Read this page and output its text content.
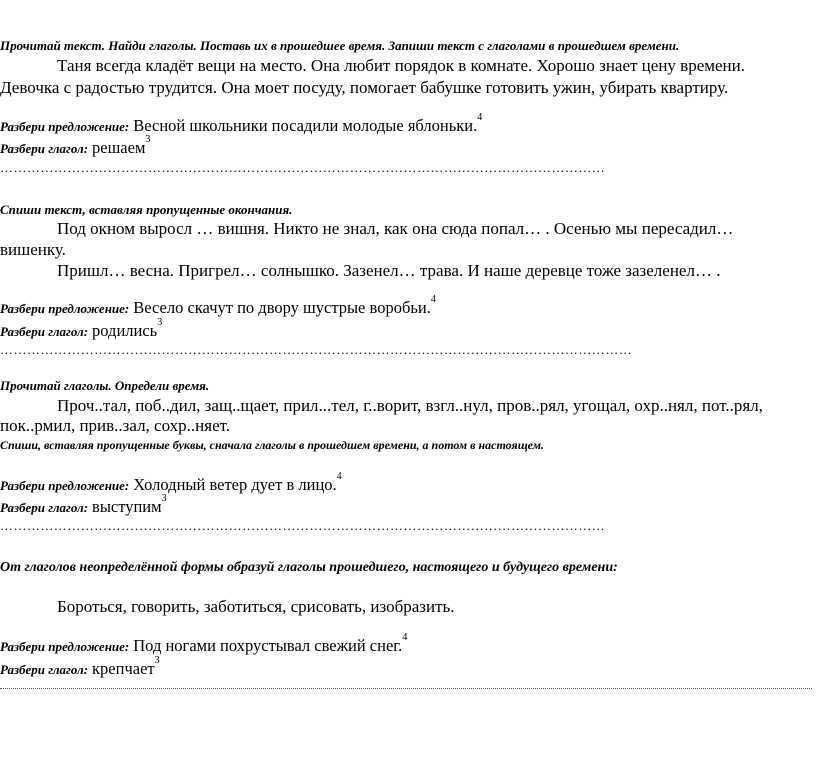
Прочитай текст. Найди глаголы. Поставь их в прошедшее время. Запиши текст с глаголами в прошедшем времени.
Таня всегда кладёт вещи на место. Она любит порядок в комнате. Хорошо знает цену времени.
Девочка с радостью трудится. Она моет посуду, помогает бабушке готовить ужин, убирать квартиру.
Разбери предложение: Весной школьники посадили молодые яблоньки.$^4$
Разбери глагол: решаем$^3$
………………………………………………………………………………………………………………………
Спиши текст, вставляя пропущенные окончания.
Под окном выросл … вишня. Никто не знал, как она сюда попал… . Осенью мы пересадил…
вишенку.
Пришл… весна. Пригрел… солнышко. Зазенел… трава. И наше деревце тоже зазеленел… .
Разбери предложение: Весело скачут по двору шустрые воробьи.$^4$
Разбери глагол: родились$^3$
……………………………………………………………………………………………………………………………
Прочитай глаголы. Определи время.
Проч..тал, поб..дил, защ..щает, прил...тел, г..ворит, взгл..нул, пров..рял, угощал, охр..нял, пот..рял,
пок..рмил, прив..зал, сохр..няет.
Спиши, вставляя пропущенные буквы, сначала глаголы в прошедшем времени, а потом в настоящем.
Разбери предложение: Холодный ветер дует в лицо.$^4$
Разбери глагол: выступим$^3$
………………………………………………………………………………………………………………………
От глаголов неопределённой формы образуй глаголы прошедшего, настоящего и будущего времени:
Бороться, говорить, заботиться, срисовать, изобразить.
Разбери предложение: Под ногами похрустывал свежий снег.$^4$
Разбери глагол: крепчает$^3$
